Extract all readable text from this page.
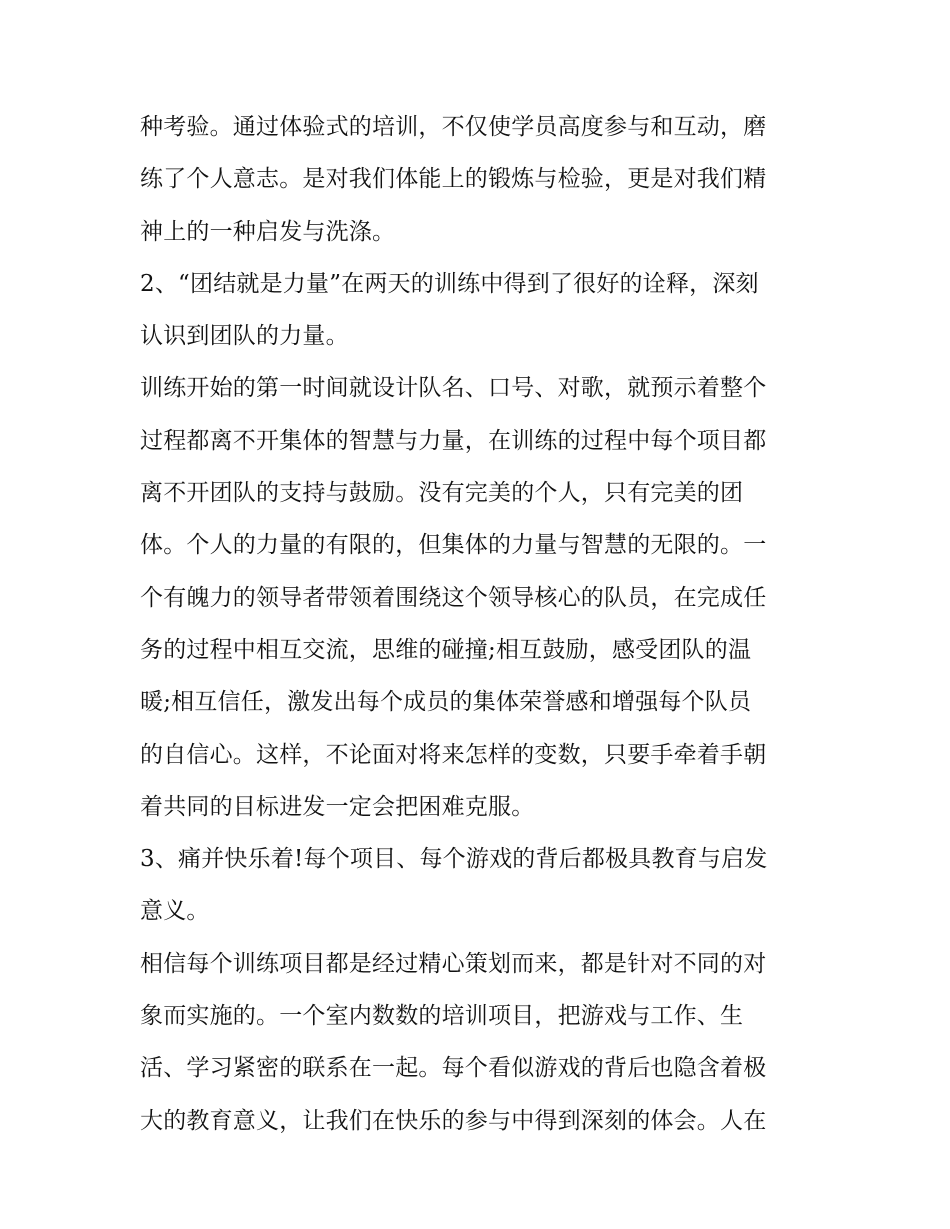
种考验。通过体验式的培训，不仅使学员高度参与和互动，磨
练了个人意志。是对我们体能上的锻炼与检验，更是对我们精
神上的一种启发与洗涤。
2、“团结就是力量”在两天的训练中得到了很好的诠释，深刻
认识到团队的力量。
训练开始的第一时间就设计队名、口号、对歌，就预示着整个
过程都离不开集体的智慧与力量，在训练的过程中每个项目都
离不开团队的支持与鼓励。没有完美的个人，只有完美的团
体。个人的力量的有限的，但集体的力量与智慧的无限的。一
个有魄力的领导者带领着围绕这个领导核心的队员，在完成任
务的过程中相互交流，思维的碰撞;相互鼓励，感受团队的温
暖;相互信任，激发出每个成员的集体荣誉感和增强每个队员
的自信心。这样，不论面对将来怎样的变数，只要手牵着手朝
着共同的目标进发一定会把困难克服。
3、痛并快乐着!每个项目、每个游戏的背后都极具教育与启发
意义。
相信每个训练项目都是经过精心策划而来，都是针对不同的对
象而实施的。一个室内数数的培训项目，把游戏与工作、生
活、学习紧密的联系在一起。每个看似游戏的背后也隐含着极
大的教育意义，让我们在快乐的参与中得到深刻的体会。人在
